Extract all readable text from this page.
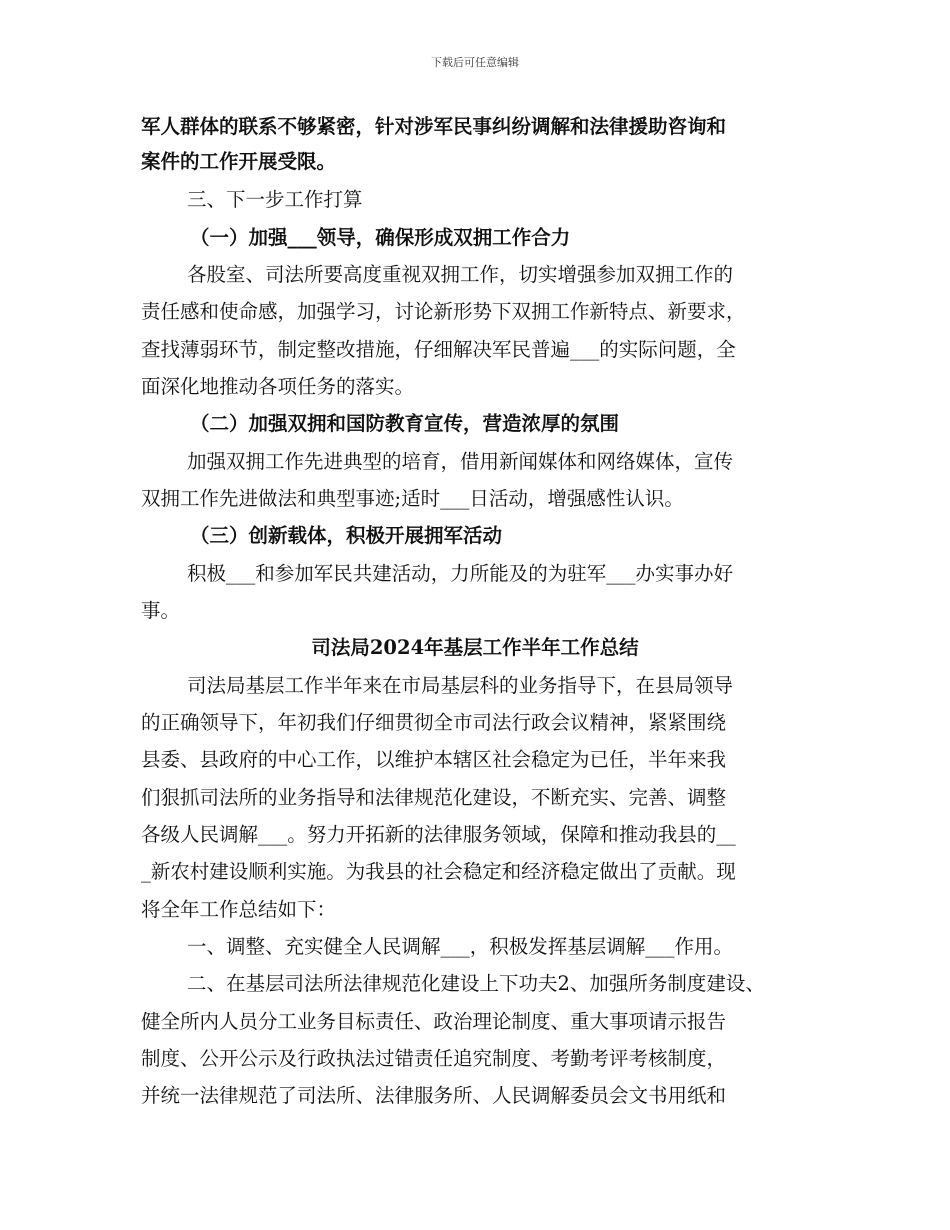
下载后可任意编辑
军人群体的联系不够紧密，针对涉军民事纠纷调解和法律援助咨询和
案件的工作开展受限。
三、下一步工作打算
（一）加强___领导，确保形成双拥工作合力
各股室、司法所要高度重视双拥工作，切实增强参加双拥工作的
责任感和使命感，加强学习，讨论新形势下双拥工作新特点、新要求，
查找薄弱环节，制定整改措施，仔细解决军民普遍___的实际问题，全
面深化地推动各项任务的落实。
（二）加强双拥和国防教育宣传，营造浓厚的氛围
加强双拥工作先进典型的培育，借用新闻媒体和网络媒体，宣传
双拥工作先进做法和典型事迹;适时___日活动，增强感性认识。
（三）创新载体，积极开展拥军活动
积极___和参加军民共建活动，力所能及的为驻军___办实事办好
事。
司法局2024年基层工作半年工作总结
司法局基层工作半年来在市局基层科的业务指导下，在县局领导
的正确领导下，年初我们仔细贯彻全市司法行政会议精神，紧紧围绕
县委、县政府的中心工作，以维护本辖区社会稳定为已任，半年来我
们狠抓司法所的业务指导和法律规范化建设，不断充实、完善、调整
各级人民调解___。努力开拓新的法律服务领域，保障和推动我县的__
_新农村建设顺利实施。为我县的社会稳定和经济稳定做出了贡献。现
将全年工作总结如下：
一、调整、充实健全人民调解___，积极发挥基层调解___作用。
二、在基层司法所法律规范化建设上下功夫2、加强所务制度建设、
健全所内人员分工业务目标责任、政治理论制度、重大事项请示报告
制度、公开公示及行政执法过错责任追究制度、考勤考评考核制度，
并统一法律规范了司法所、法律服务所、人民调解委员会文书用纸和
